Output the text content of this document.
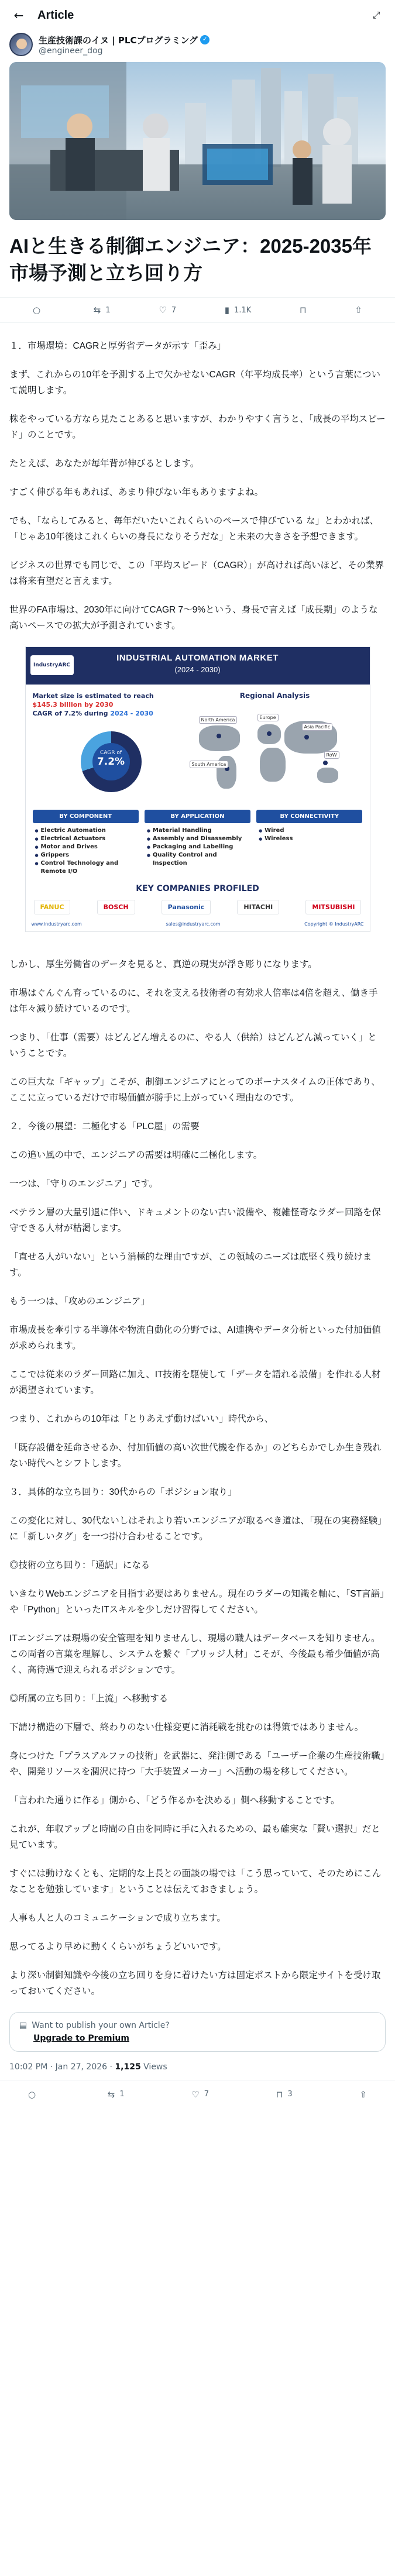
←	Article	⤢
生産技術課のイヌ | PLCプログラミング ✓
@engineer_dog
AIと生きる制御エンジニア：2025-2035年 市場予測と立ち回り方
○	⇆ 1	♡ 7	▮ 1.1K	⊓	⇧

１．市場環境：CAGRと厚労省データが示す「歪み」

まず、これからの10年を予測する上で欠かせないCAGR（年平均成長率）という言葉について説明します。

株をやっている方なら見たことあると思いますが、わかりやすく言うと、「成長の平均スピード」のことです。

たとえば、あなたが毎年背が伸びるとします。

すごく伸びる年もあれば、あまり伸びない年もありますよね。

でも、「ならしてみると、毎年だいたいこれくらいのペースで伸びている な」とわかれば、「じゃあ10年後はこれくらいの身長になりそうだな」と未来の大きさを予想できます。

ビジネスの世界でも同じで、この「平均スピード（CAGR）」が高ければ高いほど、その業界は将来有望だと言えます。

世界のFA市場は、2030年に向けてCAGR 7〜9%という、身長で言えば「成長期」のような高いペースでの拡大が予測されています。

IndustryARC
INDUSTRIAL AUTOMATION MARKET
(2024 - 2030)
Market size is estimated to reach
$145.3 billion by 2030
CAGR of 7.2% during 2024 - 2030
CAGR of
7.2%
Regional Analysis
North America	Europe
Asia Pacific
South America
RoW
BY COMPONENT
● Electric Automation
● Electrical Actuators
● Motor and Drives
● Grippers
● Control Technology and Remote I/O
BY APPLICATION
● Material Handling
● Assembly and Disassembly
● Packaging and Labelling
● Quality Control and Inspection
BY CONNECTIVITY
● Wired
● Wireless
KEY COMPANIES PROFILED
FANUC	BOSCH	Panasonic	HITACHI	MITSUBISHI
www.industryarc.com	sales@industryarc.com	Copyright © IndustryARC

しかし、厚生労働省のデータを見ると、真逆の現実が浮き彫りになります。

市場はぐんぐん育っているのに、それを支える技術者の有効求人倍率は4倍を超え、働き手は年々減り続けているのです。

つまり、「仕事（需要）はどんどん増えるのに、やる人（供給）はどんどん減っていく」ということです。

この巨大な「ギャップ」こそが、制御エンジニアにとってのボーナスタイムの正体であり、ここに立っているだけで市場価値が勝手に上がっていく理由なのです。

２．今後の展望：二極化する「PLC屋」の需要

この追い風の中で、エンジニアの需要は明確に二極化します。

一つは、「守りのエンジニア」です。

ベテラン層の大量引退に伴い、ドキュメントのない古い設備や、複雑怪奇なラダー回路を保守できる人材が枯渇します。

「直せる人がいない」という消極的な理由ですが、この領域のニーズは底堅く残り続けます。

もう一つは、「攻めのエンジニア」

市場成長を牽引する半導体や物流自動化の分野では、AI連携やデータ分析といった付加価値が求められます。

ここでは従来のラダー回路に加え、IT技術を駆使して「データを語れる設備」を作れる人材が渇望されています。

つまり、これからの10年は「とりあえず動けばいい」時代から、

「既存設備を延命させるか、付加価値の高い次世代機を作るか」のどちらかでしか生き残れない時代へとシフトします。

３．具体的な立ち回り：30代からの「ポジション取り」

この変化に対し、30代ないしはそれより若いエンジニアが取るべき道は、「現在の実務経験」に「新しいタグ」を一つ掛け合わせることです。

◎技術の立ち回り：「通訳」になる

いきなりWebエンジニアを目指す必要はありません。現在のラダーの知識を軸に、「ST言語」や「Python」といったITスキルを少しだけ習得してください。

ITエンジニアは現場の安全管理を知りませんし、現場の職人はデータベースを知りません。この両者の言葉を理解し、システムを繋ぐ「ブリッジ人材」こそが、今後最も希少価値が高く、高待遇で迎えられるポジションです。

◎所属の立ち回り：「上流」へ移動する

下請け構造の下層で、終わりのない仕様変更に消耗戦を挑むのは得策ではありません。

身につけた「プラスアルファの技術」を武器に、発注側である「ユーザー企業の生産技術職」や、開発リソースを潤沢に持つ「大手装置メーカー」へ活動の場を移してください。

「言われた通りに作る」側から、「どう作るかを決める」側へ移動することです。

これが、年収アップと時間の自由を同時に手に入れるための、最も確実な「賢い選択」だと見ています。

すぐには動けなくとも、定期的な上長との面談の場では「こう思っていて、そのためにこんなことを勉強しています」ということは伝えておきましょう。

人事も人と人のコミュニケーションで成り立ちます。

思ってるより早めに動くくらいがちょうどいいです。

より深い制御知識や今後の立ち回りを身に着けたい方は固定ポストから限定サイトを受け取っておいてください。

▤ Want to publish your own Article?
Upgrade to Premium
10:02 PM · Jan 27, 2026 · 1,125 Views
○	⇆ 1	♡ 7	⊓ 3	⇧
